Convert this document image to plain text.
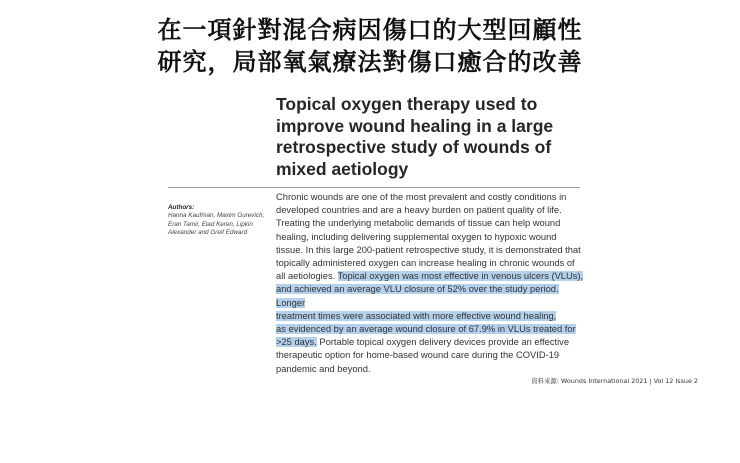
在一項針對混合病因傷口的大型回顧性
研究，局部氧氣療法對傷口癒合的改善
Topical oxygen therapy used to
improve wound healing in a large
retrospective study of wounds of
mixed aetiology
Authors:
Hanna Kaufman, Maxim Gurevich,
Eran Tamir, Elad Keren, Lipkin
Alexander and Greif Edward
Chronic wounds are one of the most prevalent and costly conditions in
developed countries and are a heavy burden on patient quality of life.
Treating the underlying metabolic demands of tissue can help wound
healing, including delivering supplemental oxygen to hypoxic wound
tissue. In this large 200-patient retrospective study, it is demonstrated that
topically administered oxygen can increase healing in chronic wounds of
all aetiologies. Topical oxygen was most effective in venous ulcers (VLUs),
and achieved an average VLU closure of 52% over the study period. Longer
treatment times were associated with more effective wound healing,
as evidenced by an average wound closure of 67.9% in VLUs treated for
>25 days. Portable topical oxygen delivery devices provide an effective
therapeutic option for home-based wound care during the COVID-19
pandemic and beyond.
資料來源: Wounds International 2021 | Vol 12 Issue 2
